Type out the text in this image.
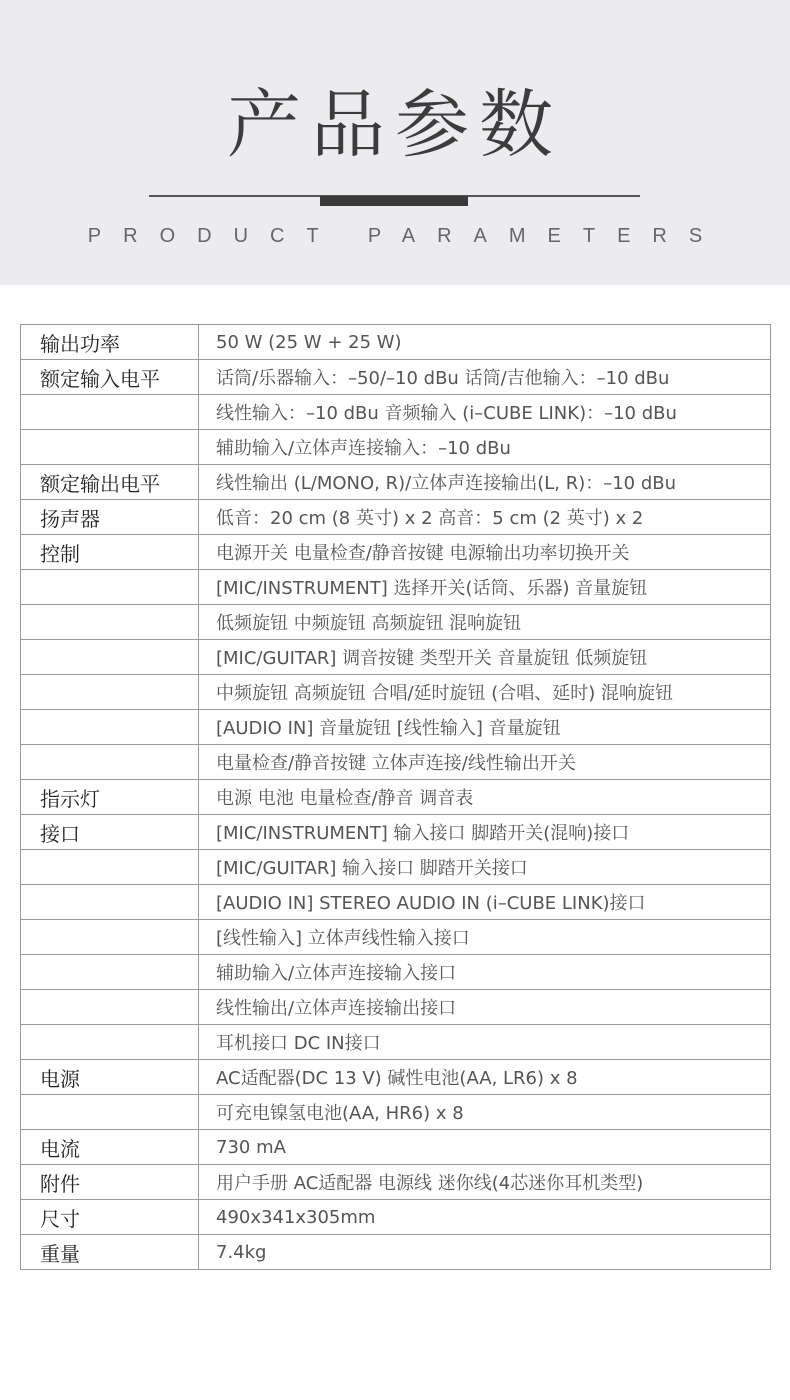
产品参数
PRODUCT PARAMETERS
输出功率	50 W (25 W + 25 W)
额定输入电平	话筒/乐器输入：–50/–10 dBu 话筒/吉他输入：–10 dBu
	线性输入：–10 dBu 音频输入 (i–CUBE LINK)：–10 dBu
	辅助输入/立体声连接输入：–10 dBu
额定输出电平	线性输出 (L/MONO, R)/立体声连接输出(L, R)：–10 dBu
扬声器	低音：20 cm (8 英寸) x 2 高音：5 cm (2 英寸) x 2
控制	电源开关 电量检查/静音按键 电源输出功率切换开关
	[MIC/INSTRUMENT] 选择开关(话筒、乐器) 音量旋钮
	低频旋钮 中频旋钮 高频旋钮 混响旋钮
	[MIC/GUITAR] 调音按键 类型开关 音量旋钮 低频旋钮
	中频旋钮 高频旋钮 合唱/延时旋钮 (合唱、延时) 混响旋钮
	[AUDIO IN] 音量旋钮 [线性输入] 音量旋钮
	电量检查/静音按键 立体声连接/线性输出开关
指示灯	电源 电池 电量检查/静音 调音表
接口	[MIC/INSTRUMENT] 输入接口 脚踏开关(混响)接口
	[MIC/GUITAR] 输入接口 脚踏开关接口
	[AUDIO IN] STEREO AUDIO IN (i–CUBE LINK)接口
	[线性输入] 立体声线性输入接口
	辅助输入/立体声连接输入接口
	线性输出/立体声连接输出接口
	耳机接口 DC IN接口
电源	AC适配器(DC 13 V) 碱性电池(AA, LR6) x 8
	可充电镍氢电池(AA, HR6) x 8
电流	730 mA
附件	用户手册 AC适配器 电源线 迷你线(4芯迷你耳机类型)
尺寸	490x341x305mm
重量	7.4kg
